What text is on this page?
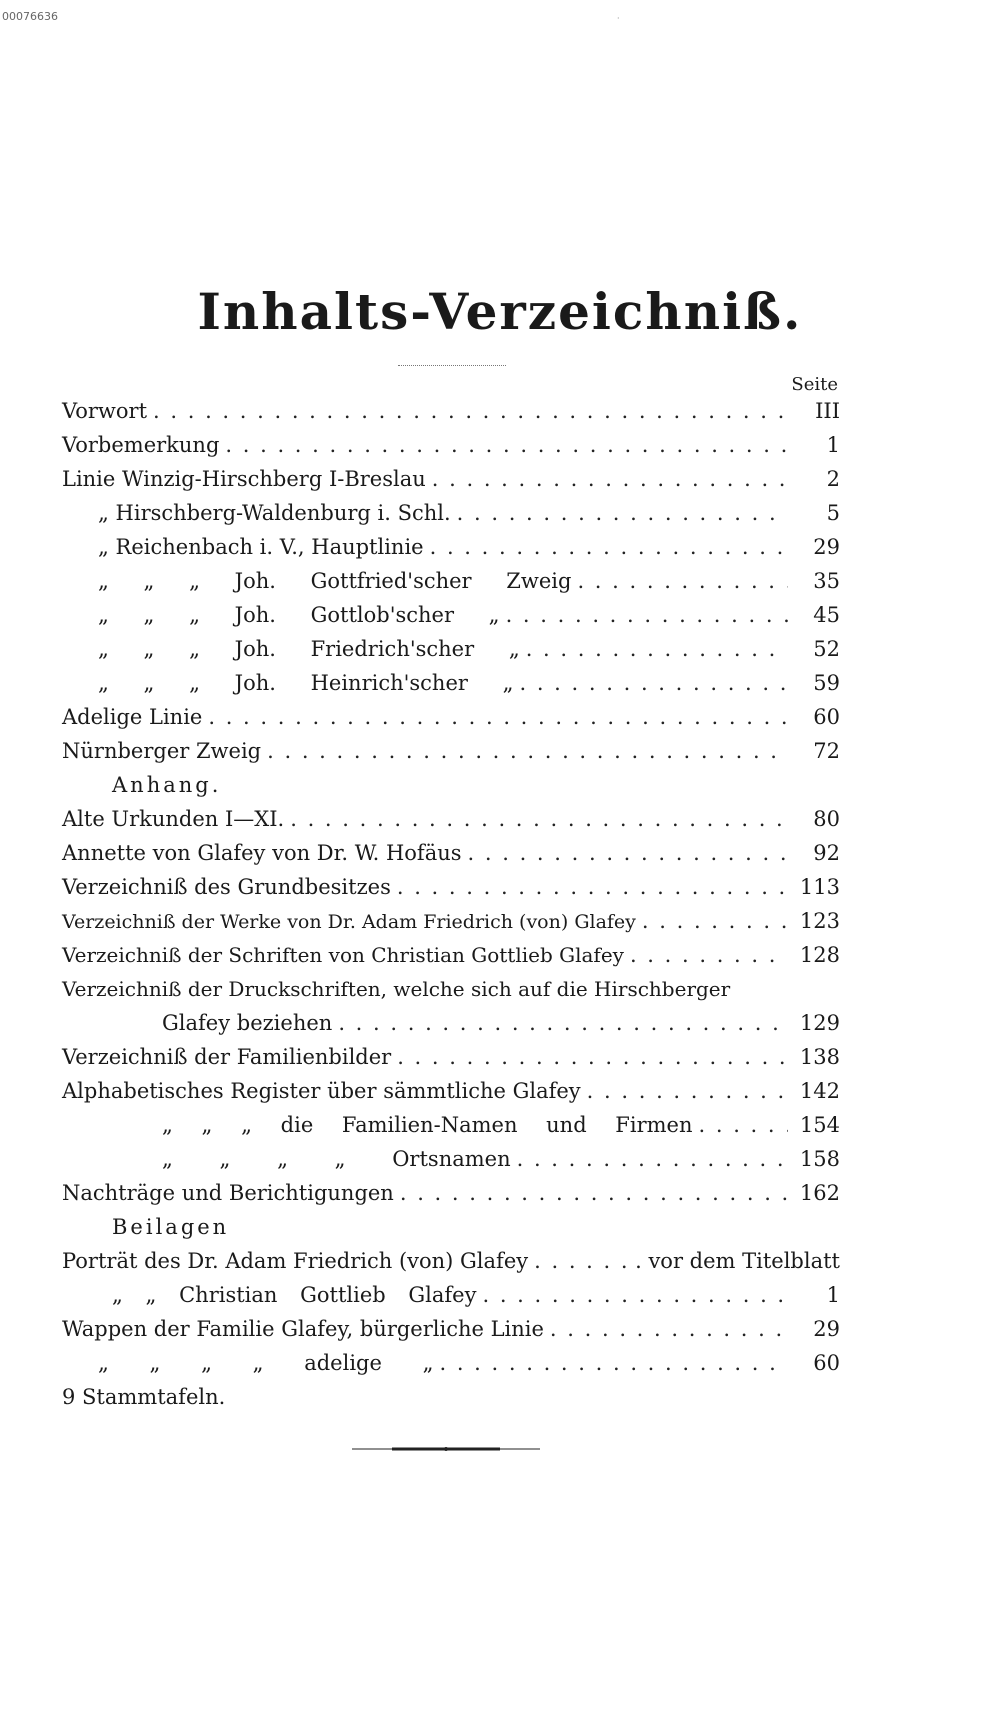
00076636	·
Inhalts-Verzeichniß.
Seite
Vorwort . . .	III
Vorbemerkung . . .	1
Linie Winzig-Hirschberg I-Breslau . . .	2
„ Hirschberg-Waldenburg i. Schl. . . .	5
„ Reichenbach i. V., Hauptlinie . . .	29
„ „ „ Joh. Gottfried'scher Zweig . . .	35
„ „ „ Joh. Gottlob'scher „ . . .	45
„ „ „ Joh. Friedrich'scher „ . . .	52
„ „ „ Joh. Heinrich'scher „ . . .	59
Adelige Linie . . .	60
Nürnberger Zweig . . .	72
Anhang.
Alte Urkunden I—XI. . . .	80
Annette von Glafey von Dr. W. Hofäus . . .	92
Verzeichniß des Grundbesitzes . . .	113
Verzeichniß der Werke von Dr. Adam Friedrich (von) Glafey . . .	123
Verzeichniß der Schriften von Christian Gottlieb Glafey . . .	128
Verzeichniß der Druckschriften, welche sich auf die Hirschberger
Glafey beziehen . . .	129
Verzeichniß der Familienbilder . . .	138
Alphabetisches Register über sämmtliche Glafey . . .	142
„ „ „ die Familien-Namen und Firmen . . .	154
„ „ „ „ Ortsnamen . . .	158
Nachträge und Berichtigungen . . .	162
Beilagen
Porträt des Dr. Adam Friedrich (von) Glafey . . .	. vor dem Titelblatt
„ „ Christian Gottlieb Glafey . . .	1
Wappen der Familie Glafey, bürgerliche Linie . . .	29
„ „ „ „ adelige „ . . .	60
9 Stammtafeln.
